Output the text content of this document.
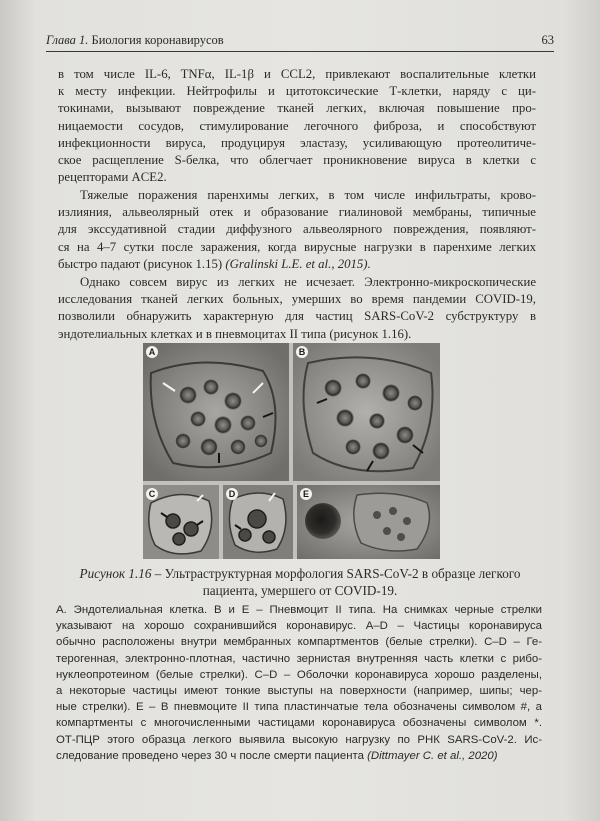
Глава 1. Биология коронавирусов	63
в том числе IL-6, TNFα, IL-1β и CCL2, привлекают воспалительные клетки
к месту инфекции. Нейтрофилы и цитотоксические Т-клетки, наряду с ци-
токинами, вызывают повреждение тканей легких, включая повышение про-
ницаемости сосудов, стимулирование легочного фиброза, и способствуют
инфекционности вируса, продуцируя эластазу, усиливающую протеолитиче-
ское расщепление S-белка, что облегчает проникновение вируса в клетки с
рецепторами ACE2.
Тяжелые поражения паренхимы легких, в том числе инфильтраты, крово-
излияния, альвеолярный отек и образование гиалиновой мембраны, типичные
для экссудативной стадии диффузного альвеолярного повреждения, появляют-
ся на 4–7 сутки после заражения, когда вирусные нагрузки в паренхиме легких
быстро падают (рисунок 1.15) (Gralinski L.E. et al., 2015).
Однако совсем вирус из легких не исчезает. Электронно-микроскопические
исследования тканей легких больных, умерших во время пандемии COVID-19,
позволили обнаружить характерную для частиц SARS-CoV-2 субструктуру в
эндотелиальных клетках и в пневмоцитах II типа (рисунок 1.16).
A	B
C	D	E
Рисунок 1.16 – Ультраструктурная морфология SARS-CoV-2 в образце легкого
пациента, умершего от COVID-19.
А. Эндотелиальная клетка. В и Е – Пневмоцит II типа. На снимках черные стрелки
указывают на хорошо сохранившийся коронавирус. А–D – Частицы коронавируса
обычно расположены внутри мембранных компартментов (белые стрелки). С–D – Ге-
терогенная, электронно-плотная, частично зернистая внутренняя часть клетки с рибо-
нуклеопротеином (белые стрелки). С–D – Оболочки коронавируса хорошо разделены,
а некоторые частицы имеют тонкие выступы на поверхности (например, шипы; чер-
ные стрелки). Е – В пневмоците II типа пластинчатые тела обозначены символом #, а
компартменты с многочисленными частицами коронавируса обозначены символом *.
ОТ-ПЦР этого образца легкого выявила высокую нагрузку по РНК SARS-CoV-2. Ис-
следование проведено через 30 ч после смерти пациента (Dittmayer C. et al., 2020)
